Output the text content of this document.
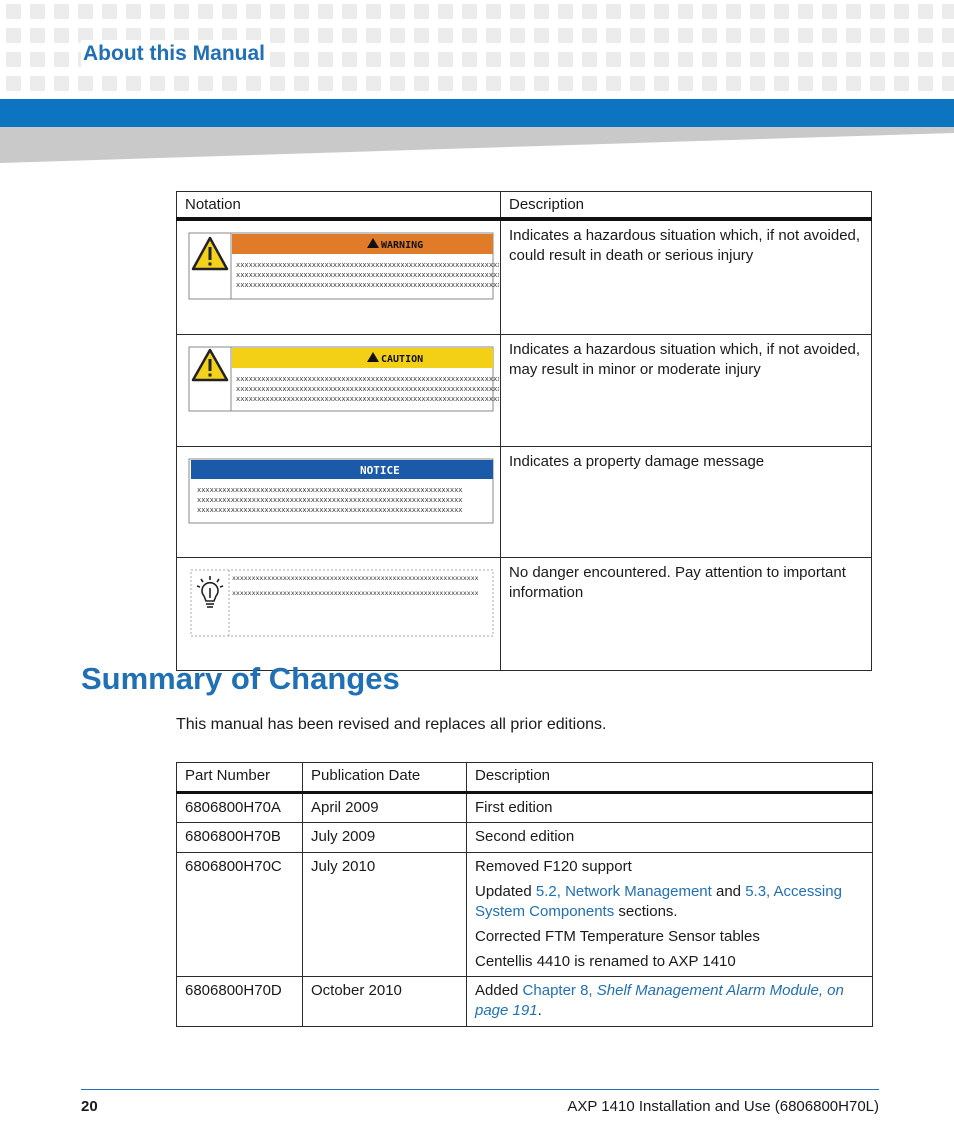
About this Manual
Notation	Description

WARNING
xxxxxxxxxxxxxxxxxxxxxxxxxxxxxxxxxxxxxxxxxxxxxxxxxxxxxxxxxxxxxxx
xxxxxxxxxxxxxxxxxxxxxxxxxxxxxxxxxxxxxxxxxxxxxxxxxxxxxxxxxxxxxxx
xxxxxxxxxxxxxxxxxxxxxxxxxxxxxxxxxxxxxxxxxxxxxxxxxxxxxxxxxxxxxxx	Indicates a hazardous situation which, if not avoided, could result in death or serious injury

CAUTION
xxxxxxxxxxxxxxxxxxxxxxxxxxxxxxxxxxxxxxxxxxxxxxxxxxxxxxxxxxxxxxx
xxxxxxxxxxxxxxxxxxxxxxxxxxxxxxxxxxxxxxxxxxxxxxxxxxxxxxxxxxxxxxx
xxxxxxxxxxxxxxxxxxxxxxxxxxxxxxxxxxxxxxxxxxxxxxxxxxxxxxxxxxxxxxx	Indicates a hazardous situation which, if not avoided, may result in minor or moderate injury

NOTICE
xxxxxxxxxxxxxxxxxxxxxxxxxxxxxxxxxxxxxxxxxxxxxxxxxxxxxxxxxxxxxxx
xxxxxxxxxxxxxxxxxxxxxxxxxxxxxxxxxxxxxxxxxxxxxxxxxxxxxxxxxxxxxxx
xxxxxxxxxxxxxxxxxxxxxxxxxxxxxxxxxxxxxxxxxxxxxxxxxxxxxxxxxxxxxxx	Indicates a property damage message

xxxxxxxxxxxxxxxxxxxxxxxxxxxxxxxxxxxxxxxxxxxxxxxxxxxxxxxxxxxxxxx
xxxxxxxxxxxxxxxxxxxxxxxxxxxxxxxxxxxxxxxxxxxxxxxxxxxxxxxxxxxxxxx	No danger encountered. Pay attention to important information
Summary of Changes
This manual has been revised and replaces all prior editions.
Part Number	Publication Date	Description
6806800H70A	April 2009	First edition
6806800H70B	July 2009	Second edition
6806800H70C	July 2010	Removed F120 support

Updated 5.2, Network Management and 5.3, Accessing System Components sections.

Corrected FTM Temperature Sensor tables

Centellis 4410 is renamed to AXP 1410

6806800H70D	October 2010	Added Chapter 8, Shelf Management Alarm Module, on page 191.
20	AXP 1410 Installation and Use (6806800H70L)
